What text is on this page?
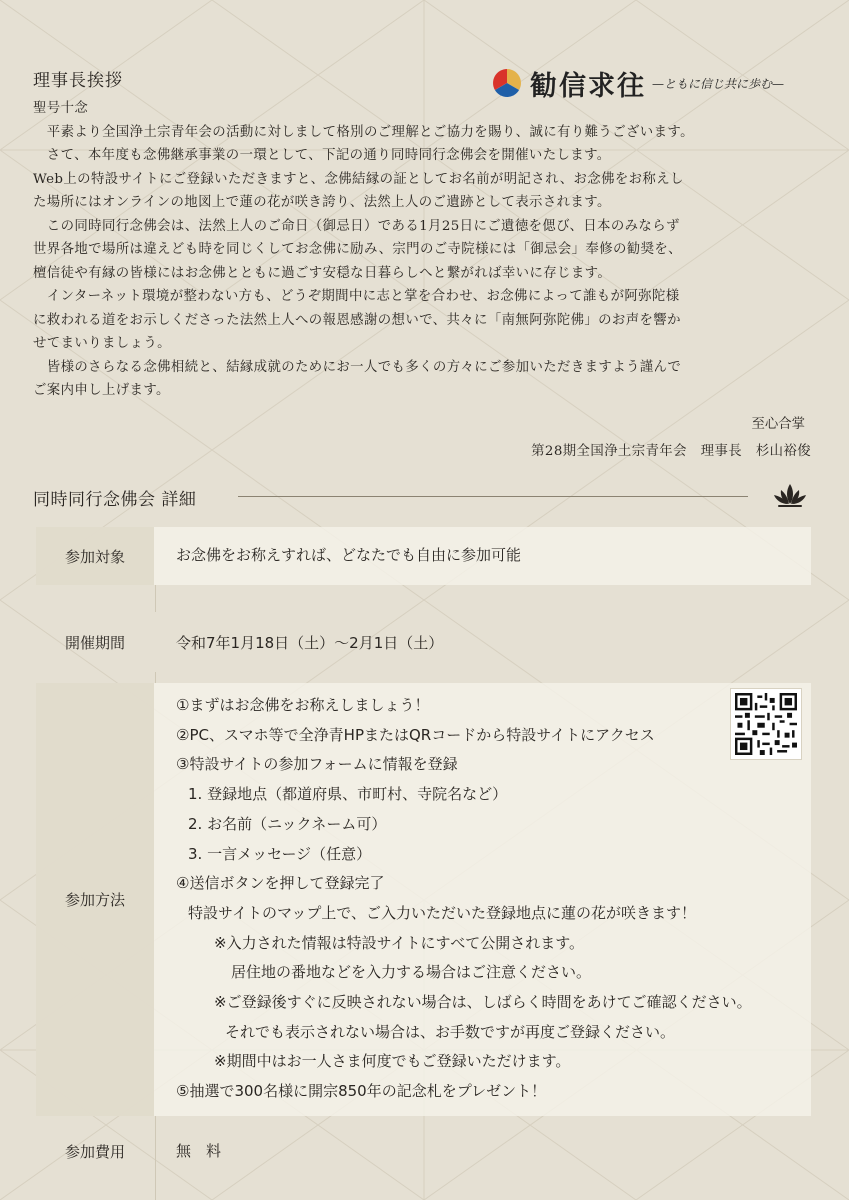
理事長挨拶	勧信求往 —ともに信じ共に歩む—

聖号十念

　平素より全国浄土宗青年会の活動に対しまして格別のご理解とご協力を賜り、誠に有り難うございます。

　さて、本年度も念佛継承事業の一環として、下記の通り同時同行念佛会を開催いたします。

Web上の特設サイトにご登録いただきますと、念佛結縁の証としてお名前が明記され、お念佛をお称えし

た場所にはオンラインの地図上で蓮の花が咲き誇り、法然上人のご遺跡として表示されます。

　この同時同行念佛会は、法然上人のご命日（御忌日）である1月25日にご遺徳を偲び、日本のみならず

世界各地で場所は違えども時を同じくしてお念佛に励み、宗門のご寺院様には「御忌会」奉修の勧奨を、

檀信徒や有縁の皆様にはお念佛とともに過ごす安穏な日暮らしへと繋がれば幸いに存じます。

　インターネット環境が整わない方も、どうぞ期間中に志と掌を合わせ、お念佛によって誰もが阿弥陀様

に救われる道をお示しくださった法然上人への報恩感謝の想いで、共々に「南無阿弥陀佛」のお声を響か

せてまいりましょう。

　皆様のさらなる念佛相続と、結縁成就のためにお一人でも多くの方々にご参加いただきますよう謹んで

ご案内申し上げます。

至心合掌
第28期全国浄土宗青年会　理事長　杉山裕俊
同時同行念佛会 詳細
参加対象	お念佛をお称えすれば、どなたでも自由に参加可能
開催期間	令和7年1月18日（土）～2月1日（土）
参加方法
①まずはお念佛をお称えしましょう！
②PC、スマホ等で全浄青HPまたはQRコードから特設サイトにアクセス
③特設サイトの参加フォームに情報を登録
1. 登録地点（都道府県、市町村、寺院名など）
2. お名前（ニックネーム可）
3. 一言メッセージ（任意）
④送信ボタンを押して登録完了
特設サイトのマップ上で、ご入力いただいた登録地点に蓮の花が咲きます！
※入力された情報は特設サイトにすべて公開されます。
居住地の番地などを入力する場合はご注意ください。
※ご登録後すぐに反映されない場合は、しばらく時間をあけてご確認ください。
それでも表示されない場合は、お手数ですが再度ご登録ください。
※期間中はお一人さま何度でもご登録いただけます。
⑤抽選で300名様に開宗850年の記念札をプレゼント！
参加費用	無　料
